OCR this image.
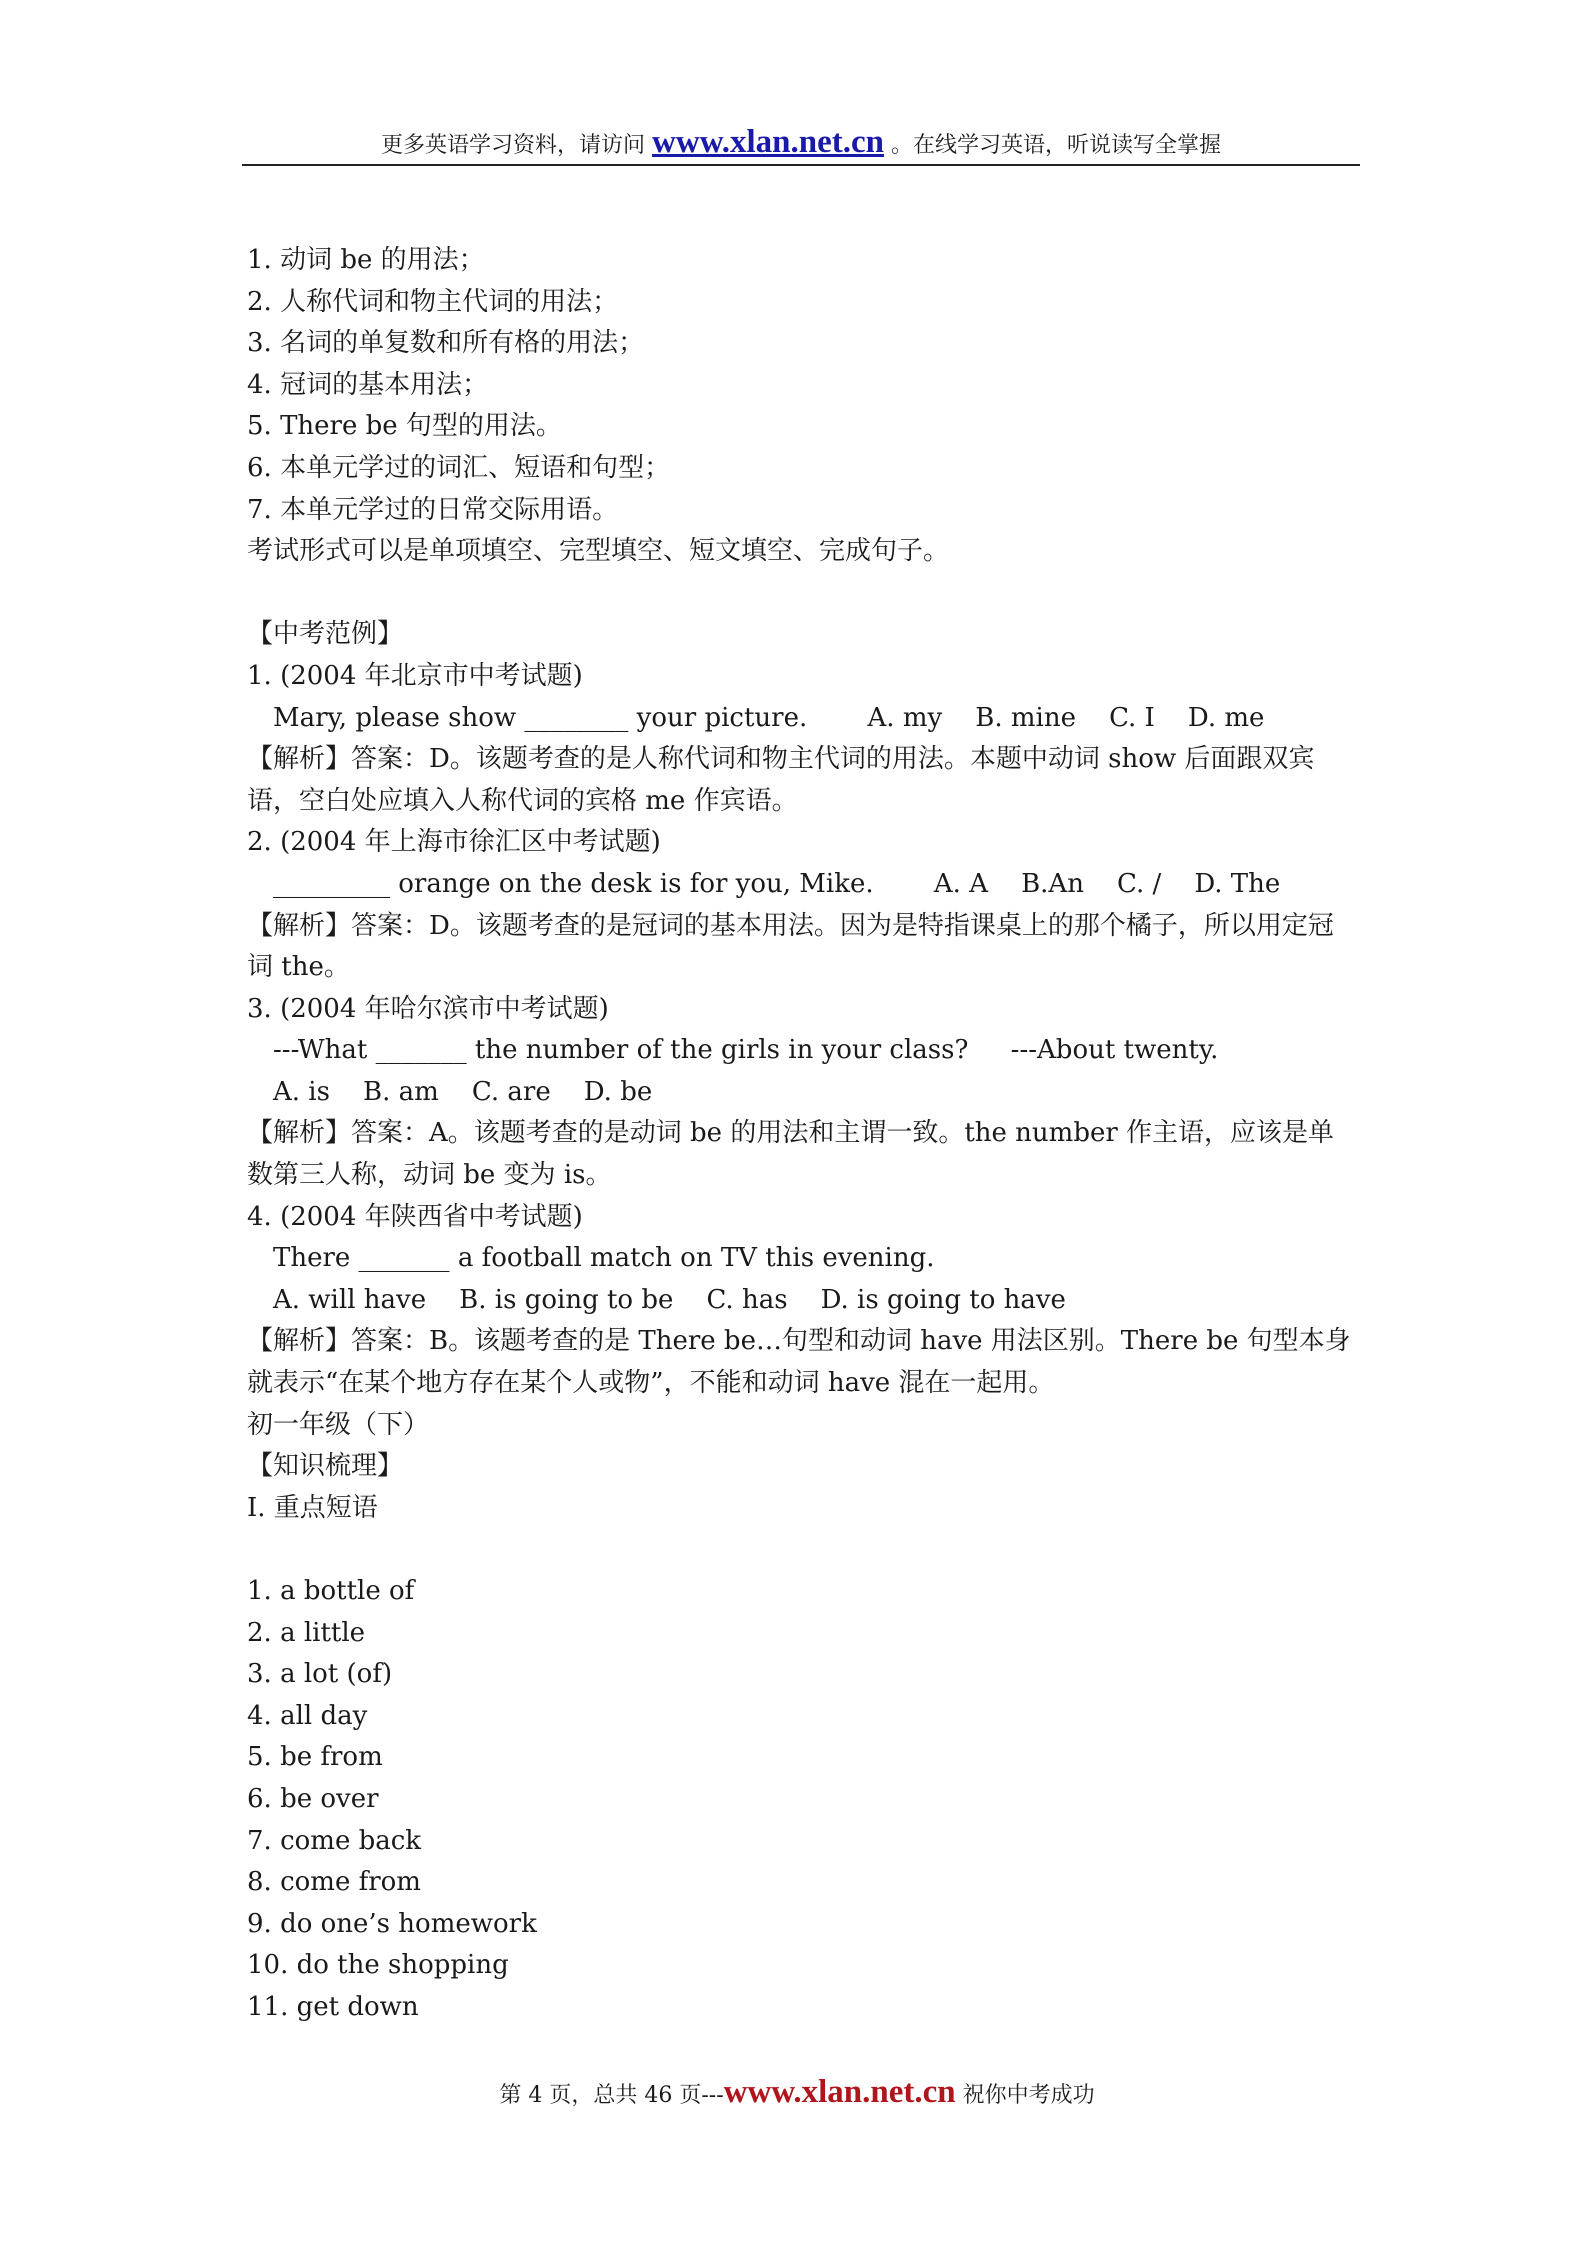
更多英语学习资料，请访问 www.xlan.net.cn 。在线学习英语，听说读写全掌握
1. 动词 be 的用法；
2. 人称代词和物主代词的用法；
3. 名词的单复数和所有格的用法；
4. 冠词的基本用法；
5. There be 句型的用法。
6. 本单元学过的词汇、短语和句型；
7. 本单元学过的日常交际用语。
考试形式可以是单项填空、完型填空、短文填空、完成句子。
【中考范例】
1. (2004 年北京市中考试题)
Mary, please show ________ your picture. A. my B. mine C. I D. me
【解析】答案：D。该题考查的是人称代词和物主代词的用法。本题中动词 show 后面跟双宾语，空白处应填入人称代词的宾格 me 作宾语。
2. (2004 年上海市徐汇区中考试题)
_________ orange on the desk is for you, Mike. A. A B.An C. / D. The
【解析】答案：D。该题考查的是冠词的基本用法。因为是特指课桌上的那个橘子，所以用定冠词 the。
3. (2004 年哈尔滨市中考试题)
---What _______ the number of the girls in your class? ---About twenty.
A. is B. am C. are D. be
【解析】答案：A。该题考查的是动词 be 的用法和主谓一致。the number 作主语，应该是单数第三人称，动词 be 变为 is。
4. (2004 年陕西省中考试题)
There _______ a football match on TV this evening.
A. will have B. is going to be C. has D. is going to have
【解析】答案：B。该题考查的是 There be…句型和动词 have 用法区别。There be 句型本身就表示“在某个地方存在某个人或物”，不能和动词 have 混在一起用。
初一年级（下）
【知识梳理】
I. 重点短语
1. a bottle of
2. a little
3. a lot (of)
4. all day
5. be from
6. be over
7. come back
8. come from
9. do one’s homework
10. do the shopping
11. get down
第 4 页，总共 46 页---www.xlan.net.cn 祝你中考成功
